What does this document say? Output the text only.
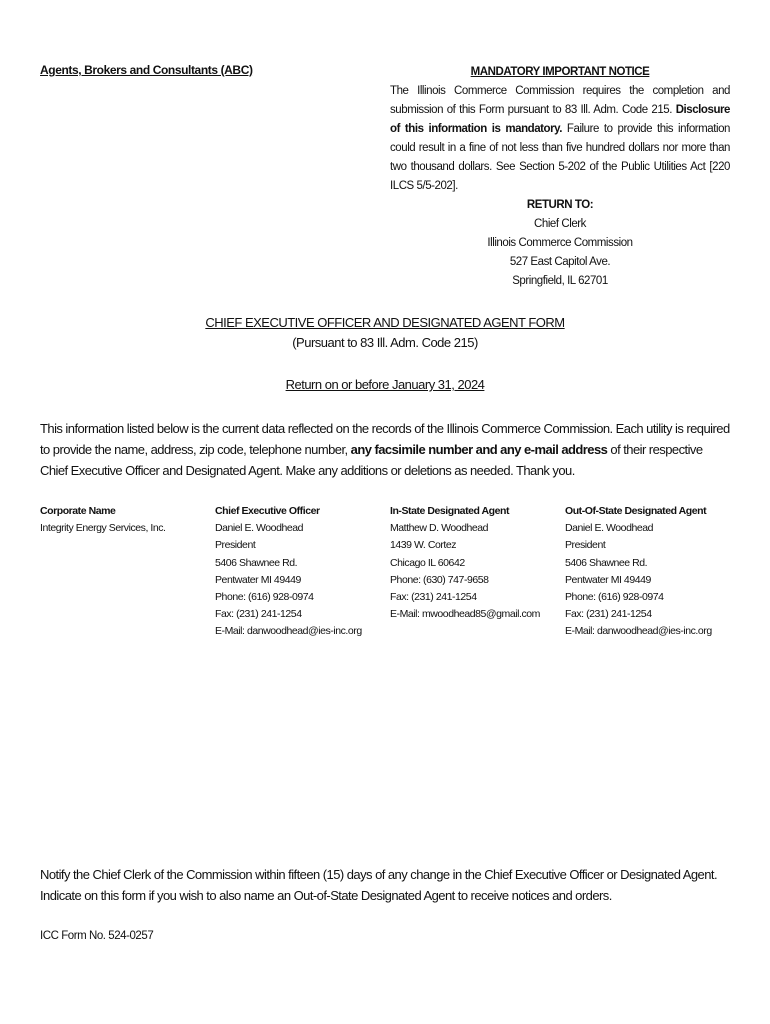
Agents, Brokers and Consultants (ABC)	MANDATORY IMPORTANT NOTICE
The Illinois Commerce Commission requires the completion and submission of this Form pursuant to 83 Ill. Adm. Code 215. Disclosure of this information is mandatory. Failure to provide this information could result in a fine of not less than five hundred dollars nor more than two thousand dollars. See Section 5-202 of the Public Utilities Act [220 ILCS 5/5-202].
RETURN TO:
Chief Clerk
Illinois Commerce Commission
527 East Capitol Ave.
Springfield, IL 62701
CHIEF EXECUTIVE OFFICER AND DESIGNATED AGENT FORM
(Pursuant to 83 Ill. Adm. Code 215)
Return on or before January 31, 2024
This information listed below is the current data reflected on the records of the Illinois Commerce Commission. Each utility is required to provide the name, address, zip code, telephone number, any facsimile number and any e-mail address of their respective Chief Executive Officer and Designated Agent. Make any additions or deletions as needed. Thank you.
Corporate Name
Integrity Energy Services, Inc.
Chief Executive Officer
Daniel E. Woodhead
President
5406 Shawnee Rd.
Pentwater MI 49449
Phone: (616) 928-0974
Fax: (231) 241-1254
E-Mail: danwoodhead@ies-inc.org
In-State Designated Agent
Matthew D. Woodhead
1439 W. Cortez
Chicago IL 60642
Phone: (630) 747-9658
Fax: (231) 241-1254
E-Mail: mwoodhead85@gmail.com
Out-Of-State Designated Agent
Daniel E. Woodhead
President
5406 Shawnee Rd.
Pentwater MI 49449
Phone: (616) 928-0974
Fax: (231) 241-1254
E-Mail: danwoodhead@ies-inc.org
Notify the Chief Clerk of the Commission within fifteen (15) days of any change in the Chief Executive Officer or Designated Agent.
Indicate on this form if you wish to also name an Out-of-State Designated Agent to receive notices and orders.
ICC Form No. 524-0257
